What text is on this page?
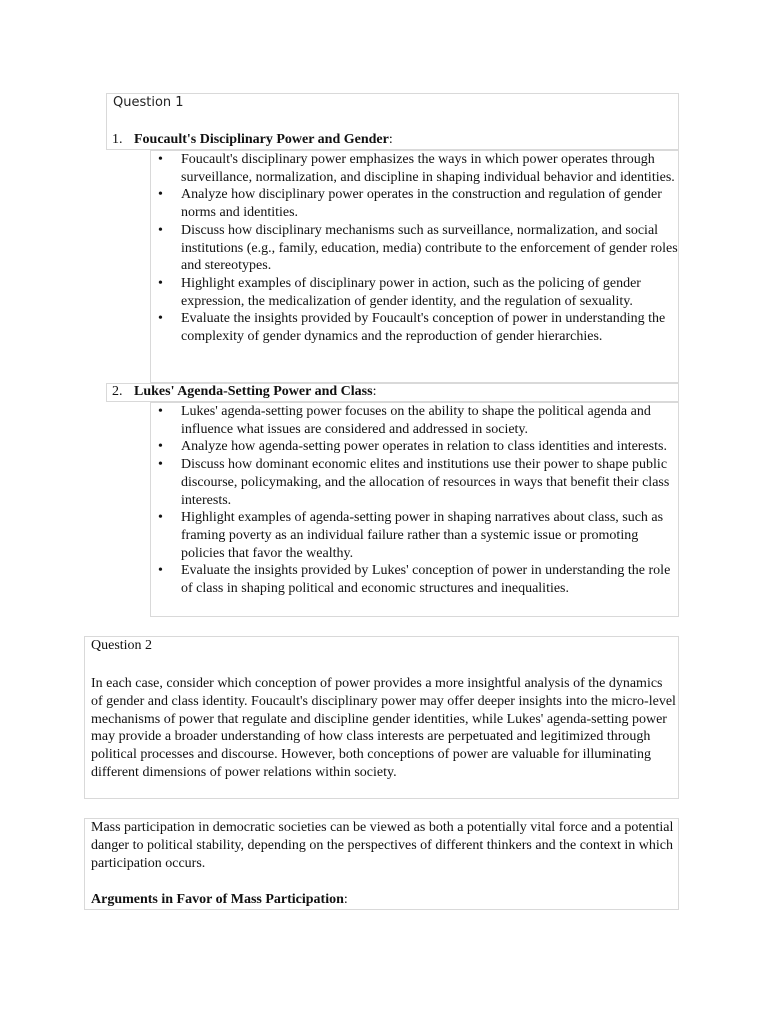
Question 1
1. Foucault's Disciplinary Power and Gender:
• Foucault's disciplinary power emphasizes the ways in which power operates through surveillance, normalization, and discipline in shaping individual behavior and identities.
• Analyze how disciplinary power operates in the construction and regulation of gender norms and identities.
• Discuss how disciplinary mechanisms such as surveillance, normalization, and social institutions (e.g., family, education, media) contribute to the enforcement of gender roles and stereotypes.
• Highlight examples of disciplinary power in action, such as the policing of gender expression, the medicalization of gender identity, and the regulation of sexuality.
• Evaluate the insights provided by Foucault's conception of power in understanding the complexity of gender dynamics and the reproduction of gender hierarchies.
2. Lukes' Agenda-Setting Power and Class:
• Lukes' agenda-setting power focuses on the ability to shape the political agenda and influence what issues are considered and addressed in society.
• Analyze how agenda-setting power operates in relation to class identities and interests.
• Discuss how dominant economic elites and institutions use their power to shape public discourse, policymaking, and the allocation of resources in ways that benefit their class interests.
• Highlight examples of agenda-setting power in shaping narratives about class, such as framing poverty as an individual failure rather than a systemic issue or promoting policies that favor the wealthy.
• Evaluate the insights provided by Lukes' conception of power in understanding the role of class in shaping political and economic structures and inequalities.
Question 2
In each case, consider which conception of power provides a more insightful analysis of the dynamics of gender and class identity. Foucault's disciplinary power may offer deeper insights into the micro-level mechanisms of power that regulate and discipline gender identities, while Lukes' agenda-setting power may provide a broader understanding of how class interests are perpetuated and legitimized through political processes and discourse. However, both conceptions of power are valuable for illuminating different dimensions of power relations within society.
Mass participation in democratic societies can be viewed as both a potentially vital force and a potential danger to political stability, depending on the perspectives of different thinkers and the context in which participation occurs.
Arguments in Favor of Mass Participation:
